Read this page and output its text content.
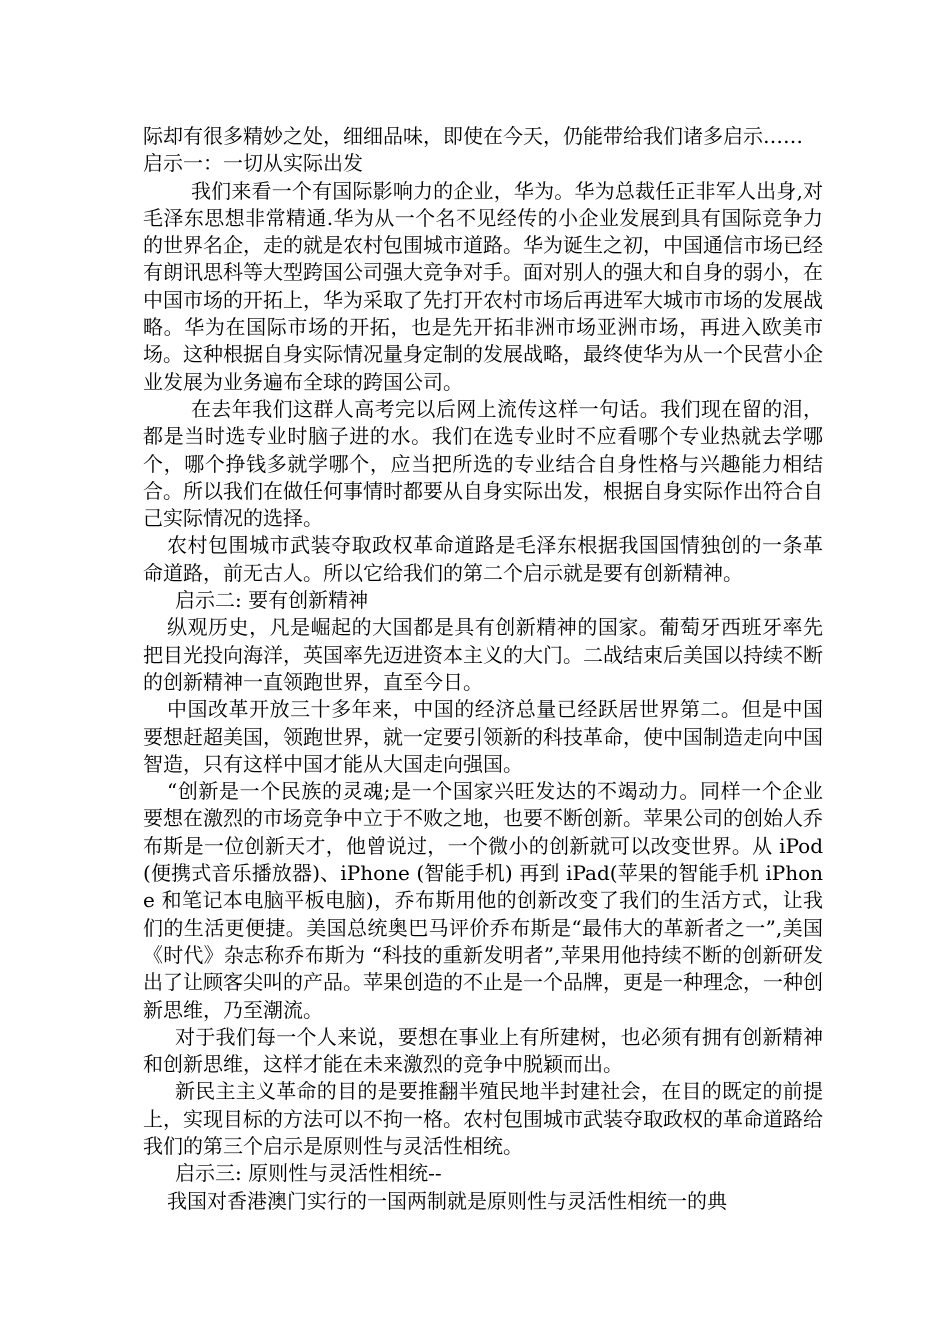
际却有很多精妙之处，细细品味，即使在今天，仍能带给我们诸多启示……

启示一：一切从实际出发

我们来看一个有国际影响力的企业，华为。华为总裁任正非军人出身,对毛泽东思想非常精通.华为从一个名不见经传的小企业发展到具有国际竞争力的世界名企，走的就是农村包围城市道路。华为诞生之初，中国通信市场已经有朗讯思科等大型跨国公司强大竞争对手。面对别人的强大和自身的弱小，在中国市场的开拓上，华为采取了先打开农村市场后再进军大城市市场的发展战略。华为在国际市场的开拓，也是先开拓非洲市场亚洲市场，再进入欧美市场。这种根据自身实际情况量身定制的发展战略，最终使华为从一个民营小企业发展为业务遍布全球的跨国公司。

在去年我们这群人高考完以后网上流传这样一句话。我们现在留的泪，都是当时选专业时脑子进的水。我们在选专业时不应看哪个专业热就去学哪个，哪个挣钱多就学哪个，应当把所选的专业结合自身性格与兴趣能力相结合。所以我们在做任何事情时都要从自身实际出发，根据自身实际作出符合自己实际情况的选择。

农村包围城市武装夺取政权革命道路是毛泽东根据我国国情独创的一条革命道路，前无古人。所以它给我们的第二个启示就是要有创新精神。

启示二: 要有创新精神

纵观历史，凡是崛起的大国都是具有创新精神的国家。葡萄牙西班牙率先把目光投向海洋，英国率先迈进资本主义的大门。二战结束后美国以持续不断的创新精神一直领跑世界，直至今日。

中国改革开放三十多年来，中国的经济总量已经跃居世界第二。但是中国要想赶超美国，领跑世界，就一定要引领新的科技革命，使中国制造走向中国智造，只有这样中国才能从大国走向强国。

“创新是一个民族的灵魂;是一个国家兴旺发达的不竭动力。同样一个企业要想在激烈的市场竞争中立于不败之地，也要不断创新。苹果公司的创始人乔布斯是一位创新天才，他曾说过，一个微小的创新就可以改变世界。从 iPod (便携式音乐播放器)、iPhone (智能手机) 再到 iPad(苹果的智能手机 iPhone 和笔记本电脑平板电脑)，乔布斯用他的创新改变了我们的生活方式，让我们的生活更便捷。美国总统奥巴马评价乔布斯是“最伟大的革新者之一”,美国 《时代》杂志称乔布斯为 “科技的重新发明者”,苹果用他持续不断的创新研发出了让顾客尖叫的产品。苹果创造的不止是一个品牌，更是一种理念，一种创新思维，乃至潮流。

对于我们每一个人来说，要想在事业上有所建树，也必须有拥有创新精神和创新思维，这样才能在未来激烈的竞争中脱颖而出。

新民主主义革命的目的是要推翻半殖民地半封建社会，在目的既定的前提上，实现目标的方法可以不拘一格。农村包围城市武装夺取政权的革命道路给我们的第三个启示是原则性与灵活性相统。

启示三: 原则性与灵活性相统--

我国对香港澳门实行的一国两制就是原则性与灵活性相统一的典
